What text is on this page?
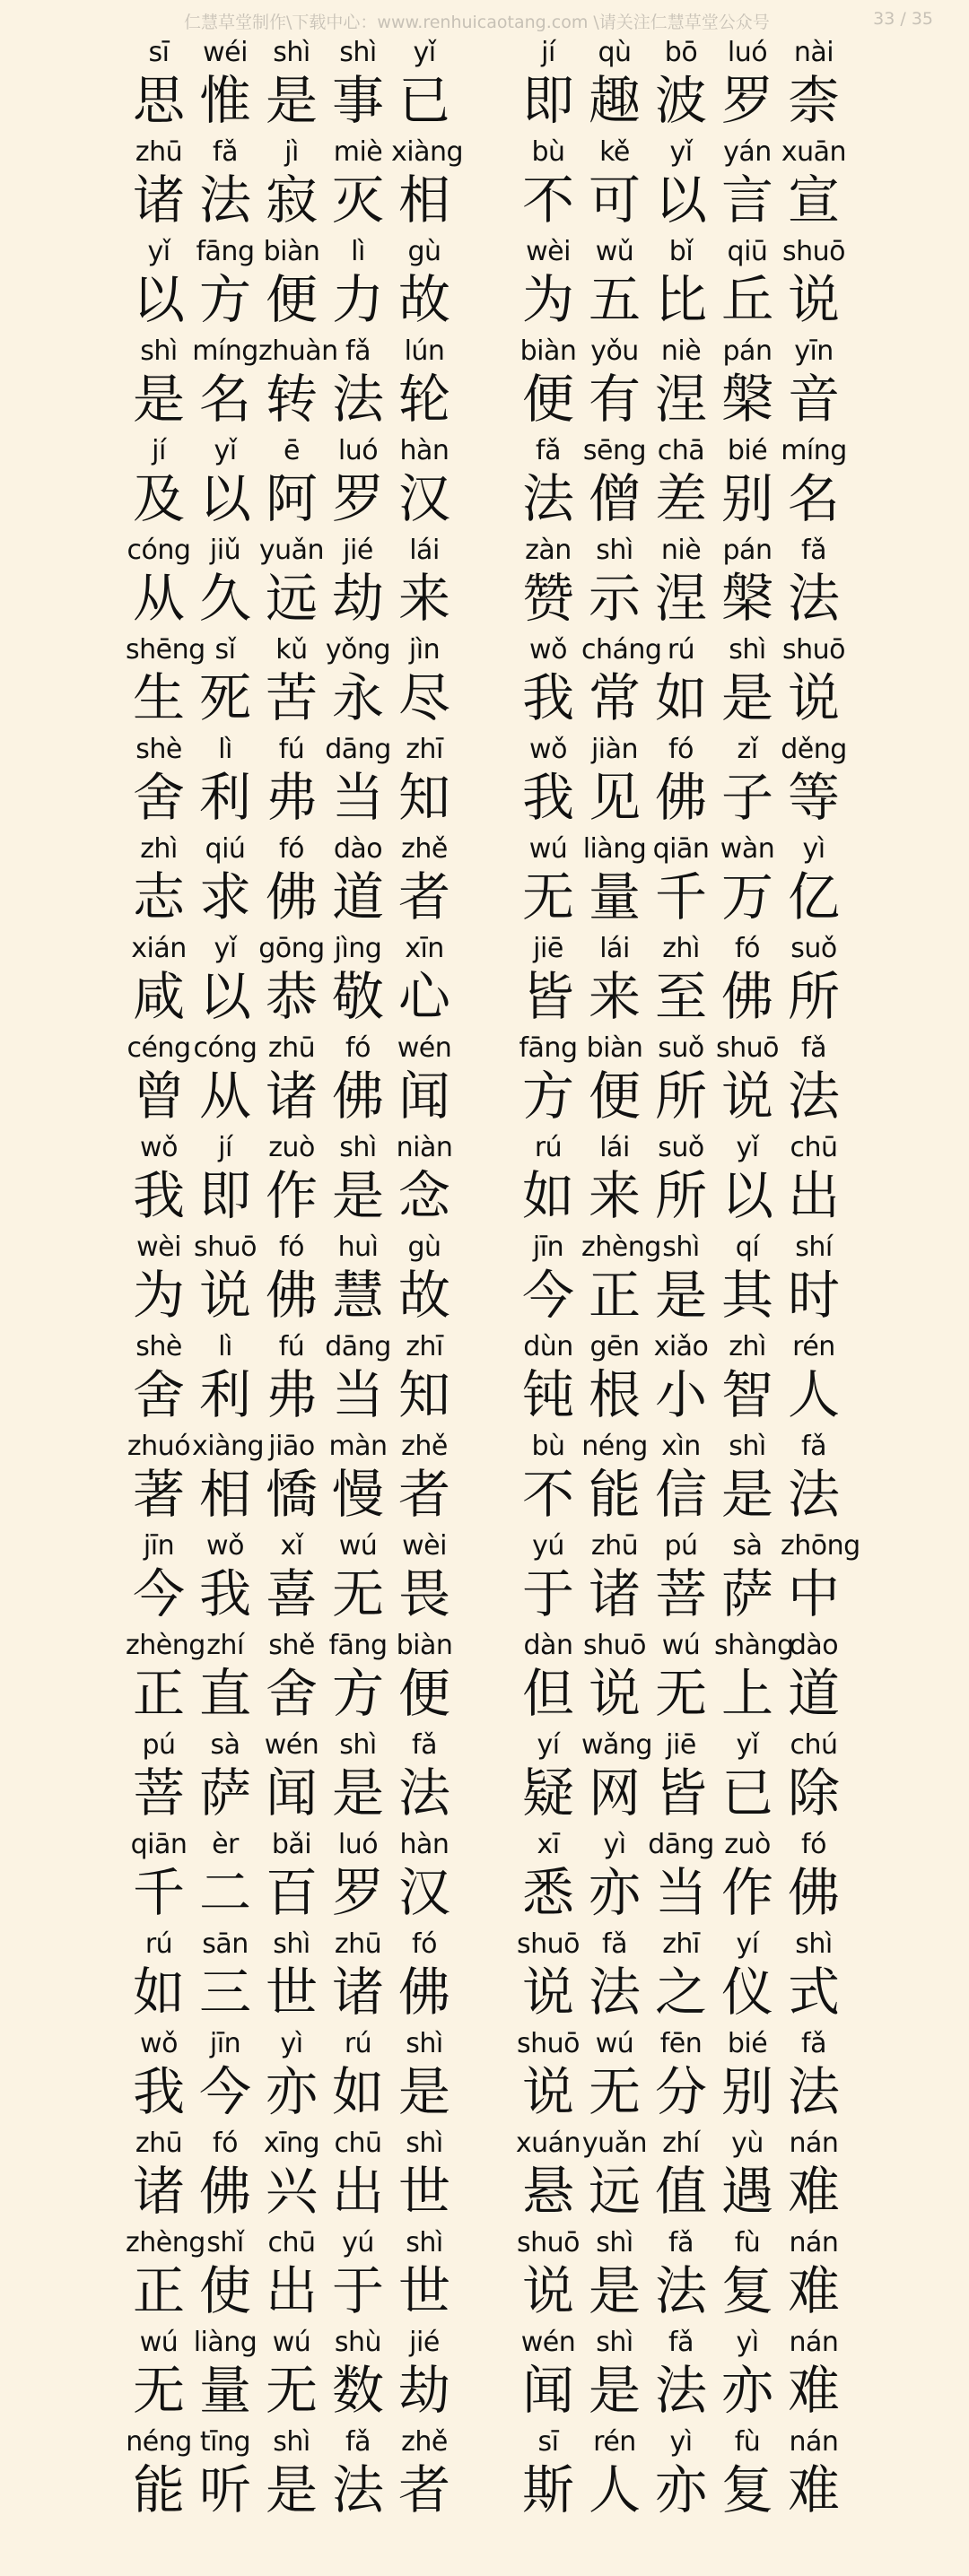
仁慧草堂制作\下载中心：www.renhuicaotang.com \请关注仁慧草堂公众号	33 / 35
sī
思
wéi
惟
shì
是
shì
事
yǐ
已
jí
即
qù
趣
bō
波
luó
罗
nài
柰
zhū
诸
fǎ
法
jì
寂
miè
灭
xiàng
相
bù
不
kě
可
yǐ
以
yán
言
xuān
宣
yǐ
以
fāng
方
biàn
便
lì
力
gù
故
wèi
为
wǔ
五
bǐ
比
qiū
丘
shuō
说
shì
是
míng
名
zhuàn
转
fǎ
法
lún
轮
biàn
便
yǒu
有
niè
涅
pán
槃
yīn
音
jí
及
yǐ
以
ē
阿
luó
罗
hàn
汉
fǎ
法
sēng
僧
chā
差
bié
别
míng
名
cóng
从
jiǔ
久
yuǎn
远
jié
劫
lái
来
zàn
赞
shì
示
niè
涅
pán
槃
fǎ
法
shēng
生
sǐ
死
kǔ
苦
yǒng
永
jìn
尽
wǒ
我
cháng
常
rú
如
shì
是
shuō
说
shè
舍
lì
利
fú
弗
dāng
当
zhī
知
wǒ
我
jiàn
见
fó
佛
zǐ
子
děng
等
zhì
志
qiú
求
fó
佛
dào
道
zhě
者
wú
无
liàng
量
qiān
千
wàn
万
yì
亿
xián
咸
yǐ
以
gōng
恭
jìng
敬
xīn
心
jiē
皆
lái
来
zhì
至
fó
佛
suǒ
所
céng
曾
cóng
从
zhū
诸
fó
佛
wén
闻
fāng
方
biàn
便
suǒ
所
shuō
说
fǎ
法
wǒ
我
jí
即
zuò
作
shì
是
niàn
念
rú
如
lái
来
suǒ
所
yǐ
以
chū
出
wèi
为
shuō
说
fó
佛
huì
慧
gù
故
jīn
今
zhèng
正
shì
是
qí
其
shí
时
shè
舍
lì
利
fú
弗
dāng
当
zhī
知
dùn
钝
gēn
根
xiǎo
小
zhì
智
rén
人
zhuó
著
xiàng
相
jiāo
憍
màn
慢
zhě
者
bù
不
néng
能
xìn
信
shì
是
fǎ
法
jīn
今
wǒ
我
xǐ
喜
wú
无
wèi
畏
yú
于
zhū
诸
pú
菩
sà
萨
zhōng
中
zhèng
正
zhí
直
shě
舍
fāng
方
biàn
便
dàn
但
shuō
说
wú
无
shàng
上
dào
道
pú
菩
sà
萨
wén
闻
shì
是
fǎ
法
yí
疑
wǎng
网
jiē
皆
yǐ
已
chú
除
qiān
千
èr
二
bǎi
百
luó
罗
hàn
汉
xī
悉
yì
亦
dāng
当
zuò
作
fó
佛
rú
如
sān
三
shì
世
zhū
诸
fó
佛
shuō
说
fǎ
法
zhī
之
yí
仪
shì
式
wǒ
我
jīn
今
yì
亦
rú
如
shì
是
shuō
说
wú
无
fēn
分
bié
别
fǎ
法
zhū
诸
fó
佛
xīng
兴
chū
出
shì
世
xuán
悬
yuǎn
远
zhí
值
yù
遇
nán
难
zhèng
正
shǐ
使
chū
出
yú
于
shì
世
shuō
说
shì
是
fǎ
法
fù
复
nán
难
wú
无
liàng
量
wú
无
shù
数
jié
劫
wén
闻
shì
是
fǎ
法
yì
亦
nán
难
néng
能
tīng
听
shì
是
fǎ
法
zhě
者
sī
斯
rén
人
yì
亦
fù
复
nán
难
